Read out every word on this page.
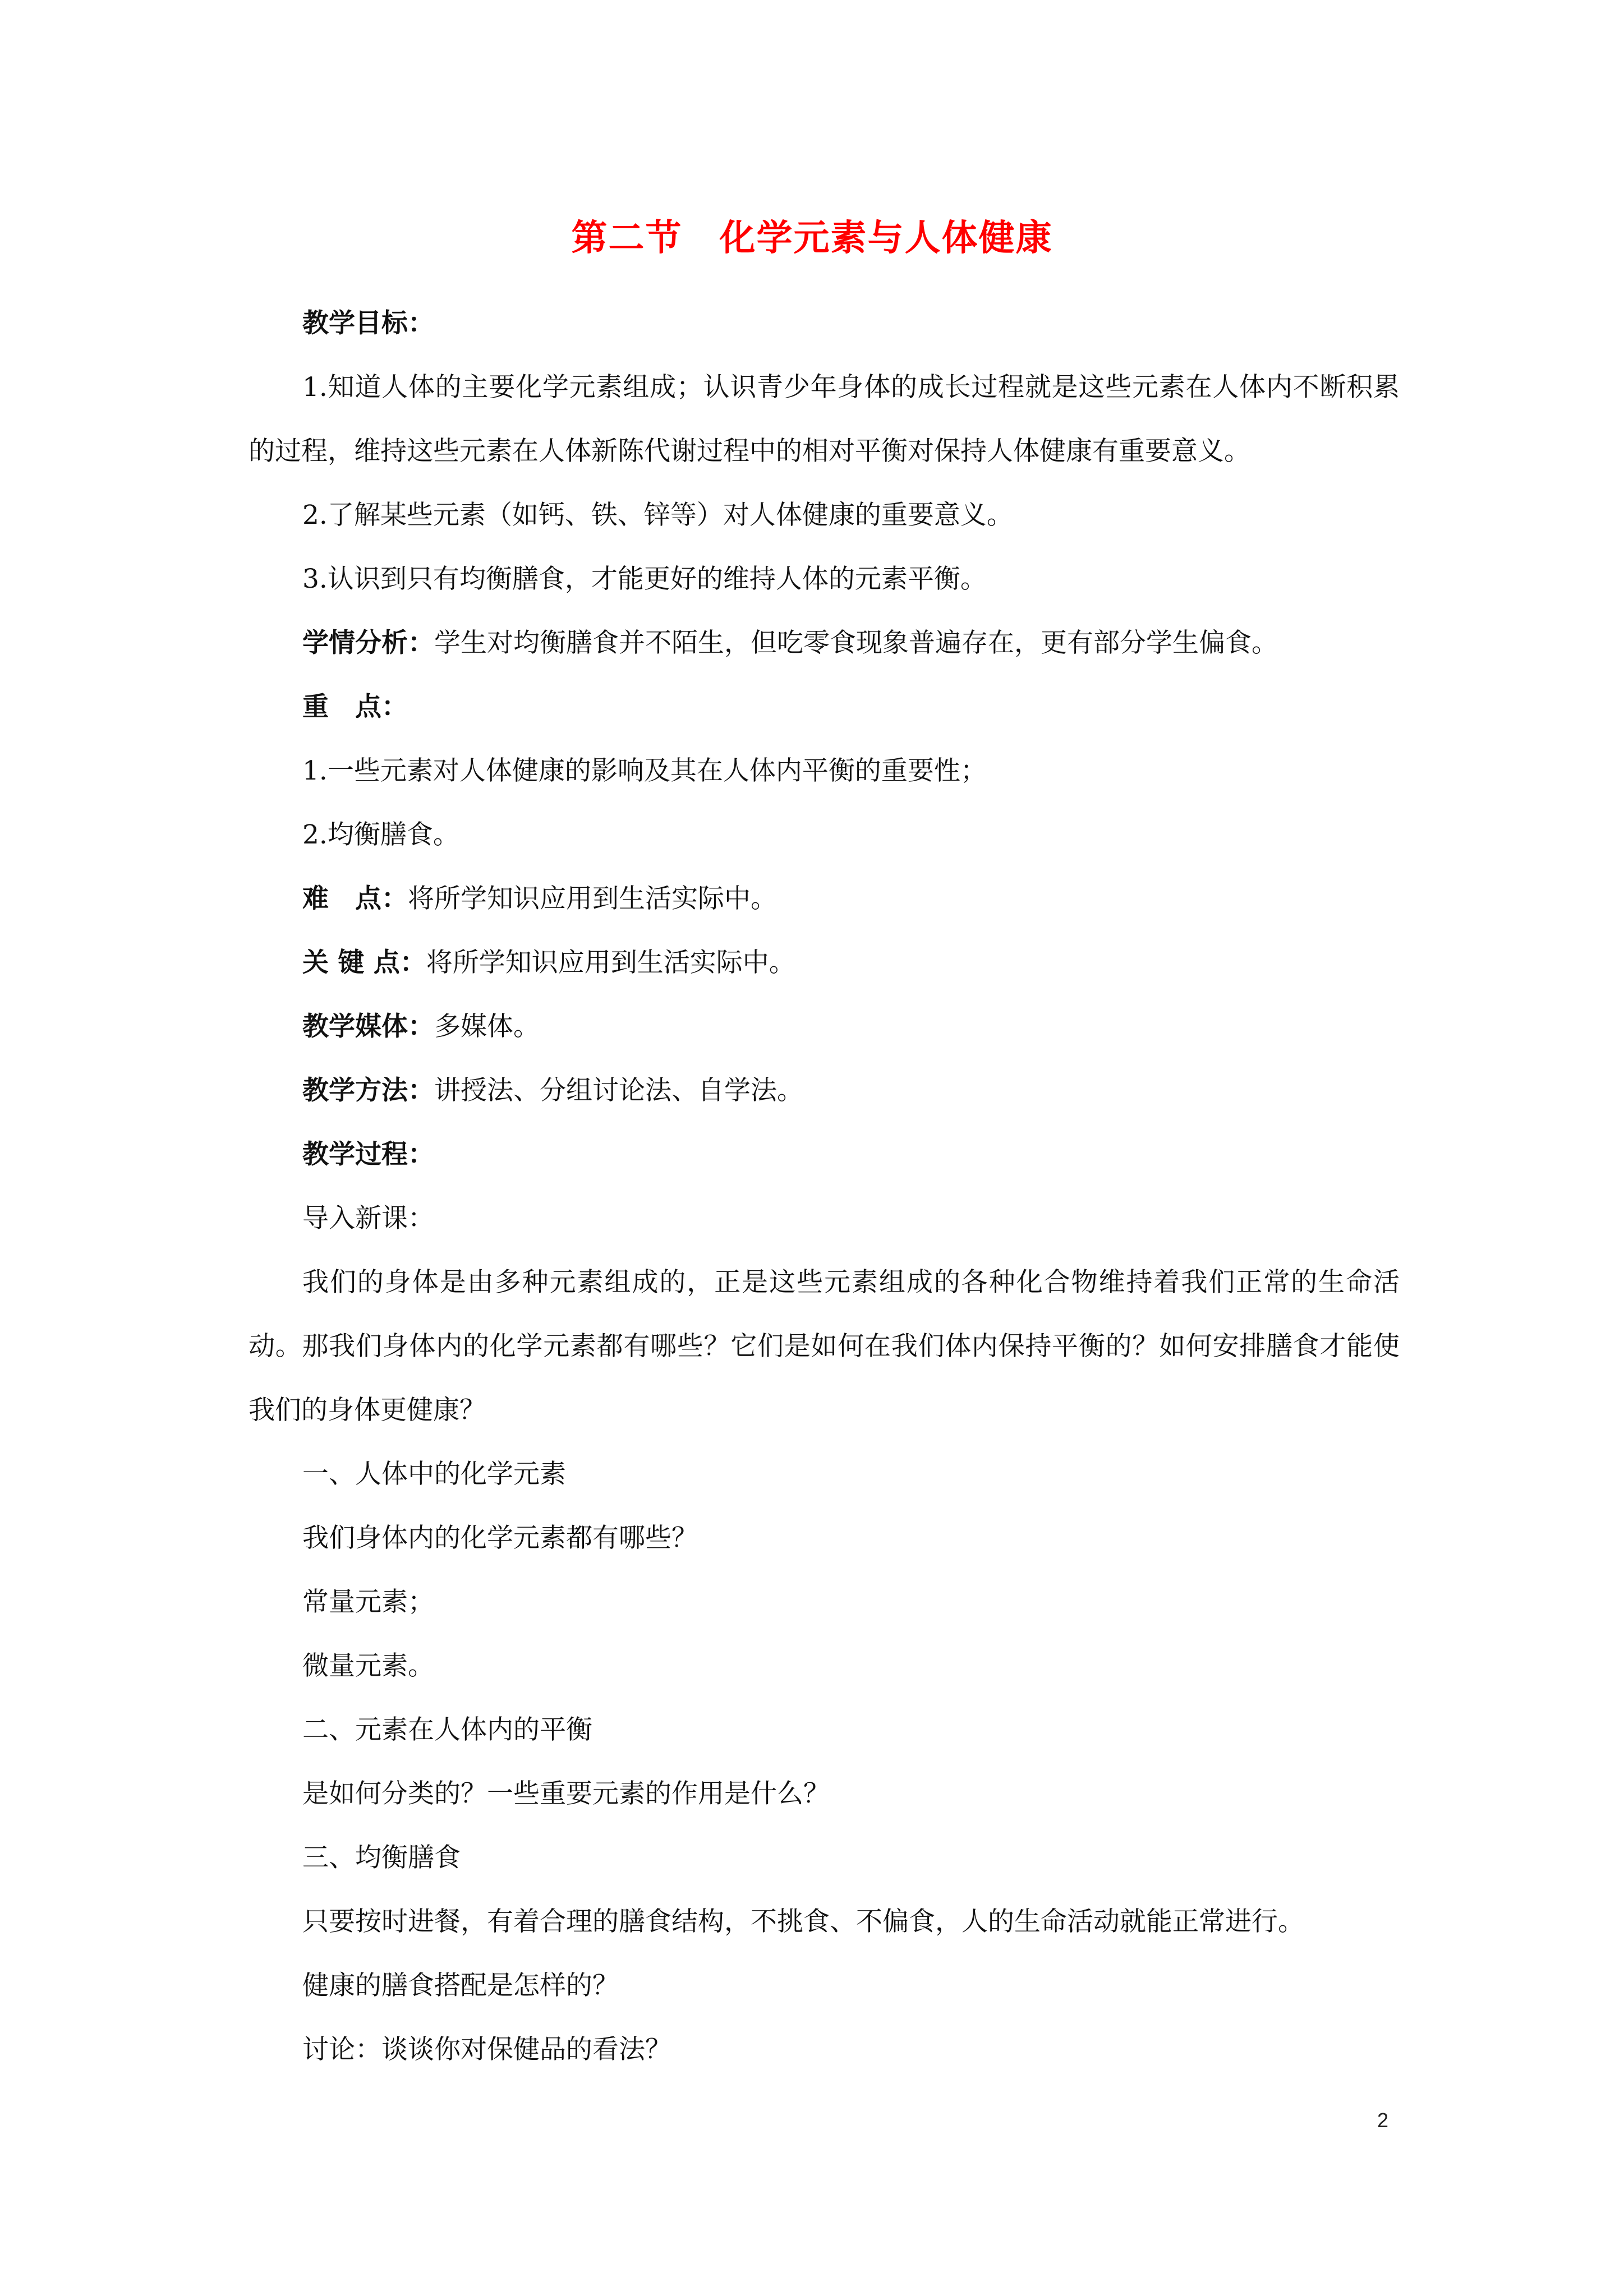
第二节　化学元素与人体健康

教学目标：

1.知道人体的主要化学元素组成；认识青少年身体的成长过程就是这些元素在人体内不断积累的过程，维持这些元素在人体新陈代谢过程中的相对平衡对保持人体健康有重要意义。

2.了解某些元素（如钙、铁、锌等）对人体健康的重要意义。

3.认识到只有均衡膳食，才能更好的维持人体的元素平衡。

学情分析：学生对均衡膳食并不陌生，但吃零食现象普遍存在，更有部分学生偏食。

重　点：

1.一些元素对人体健康的影响及其在人体内平衡的重要性；

2.均衡膳食。

难　点：将所学知识应用到生活实际中。

关 键 点：将所学知识应用到生活实际中。

教学媒体：多媒体。

教学方法：讲授法、分组讨论法、自学法。

教学过程：

导入新课：

我们的身体是由多种元素组成的，正是这些元素组成的各种化合物维持着我们正常的生命活动。那我们身体内的化学元素都有哪些？它们是如何在我们体内保持平衡的？如何安排膳食才能使我们的身体更健康？

一、人体中的化学元素

我们身体内的化学元素都有哪些？

常量元素；

微量元素。

二、元素在人体内的平衡

是如何分类的？一些重要元素的作用是什么？

三、均衡膳食

只要按时进餐，有着合理的膳食结构，不挑食、不偏食，人的生命活动就能正常进行。

健康的膳食搭配是怎样的？

讨论：谈谈你对保健品的看法？

2
